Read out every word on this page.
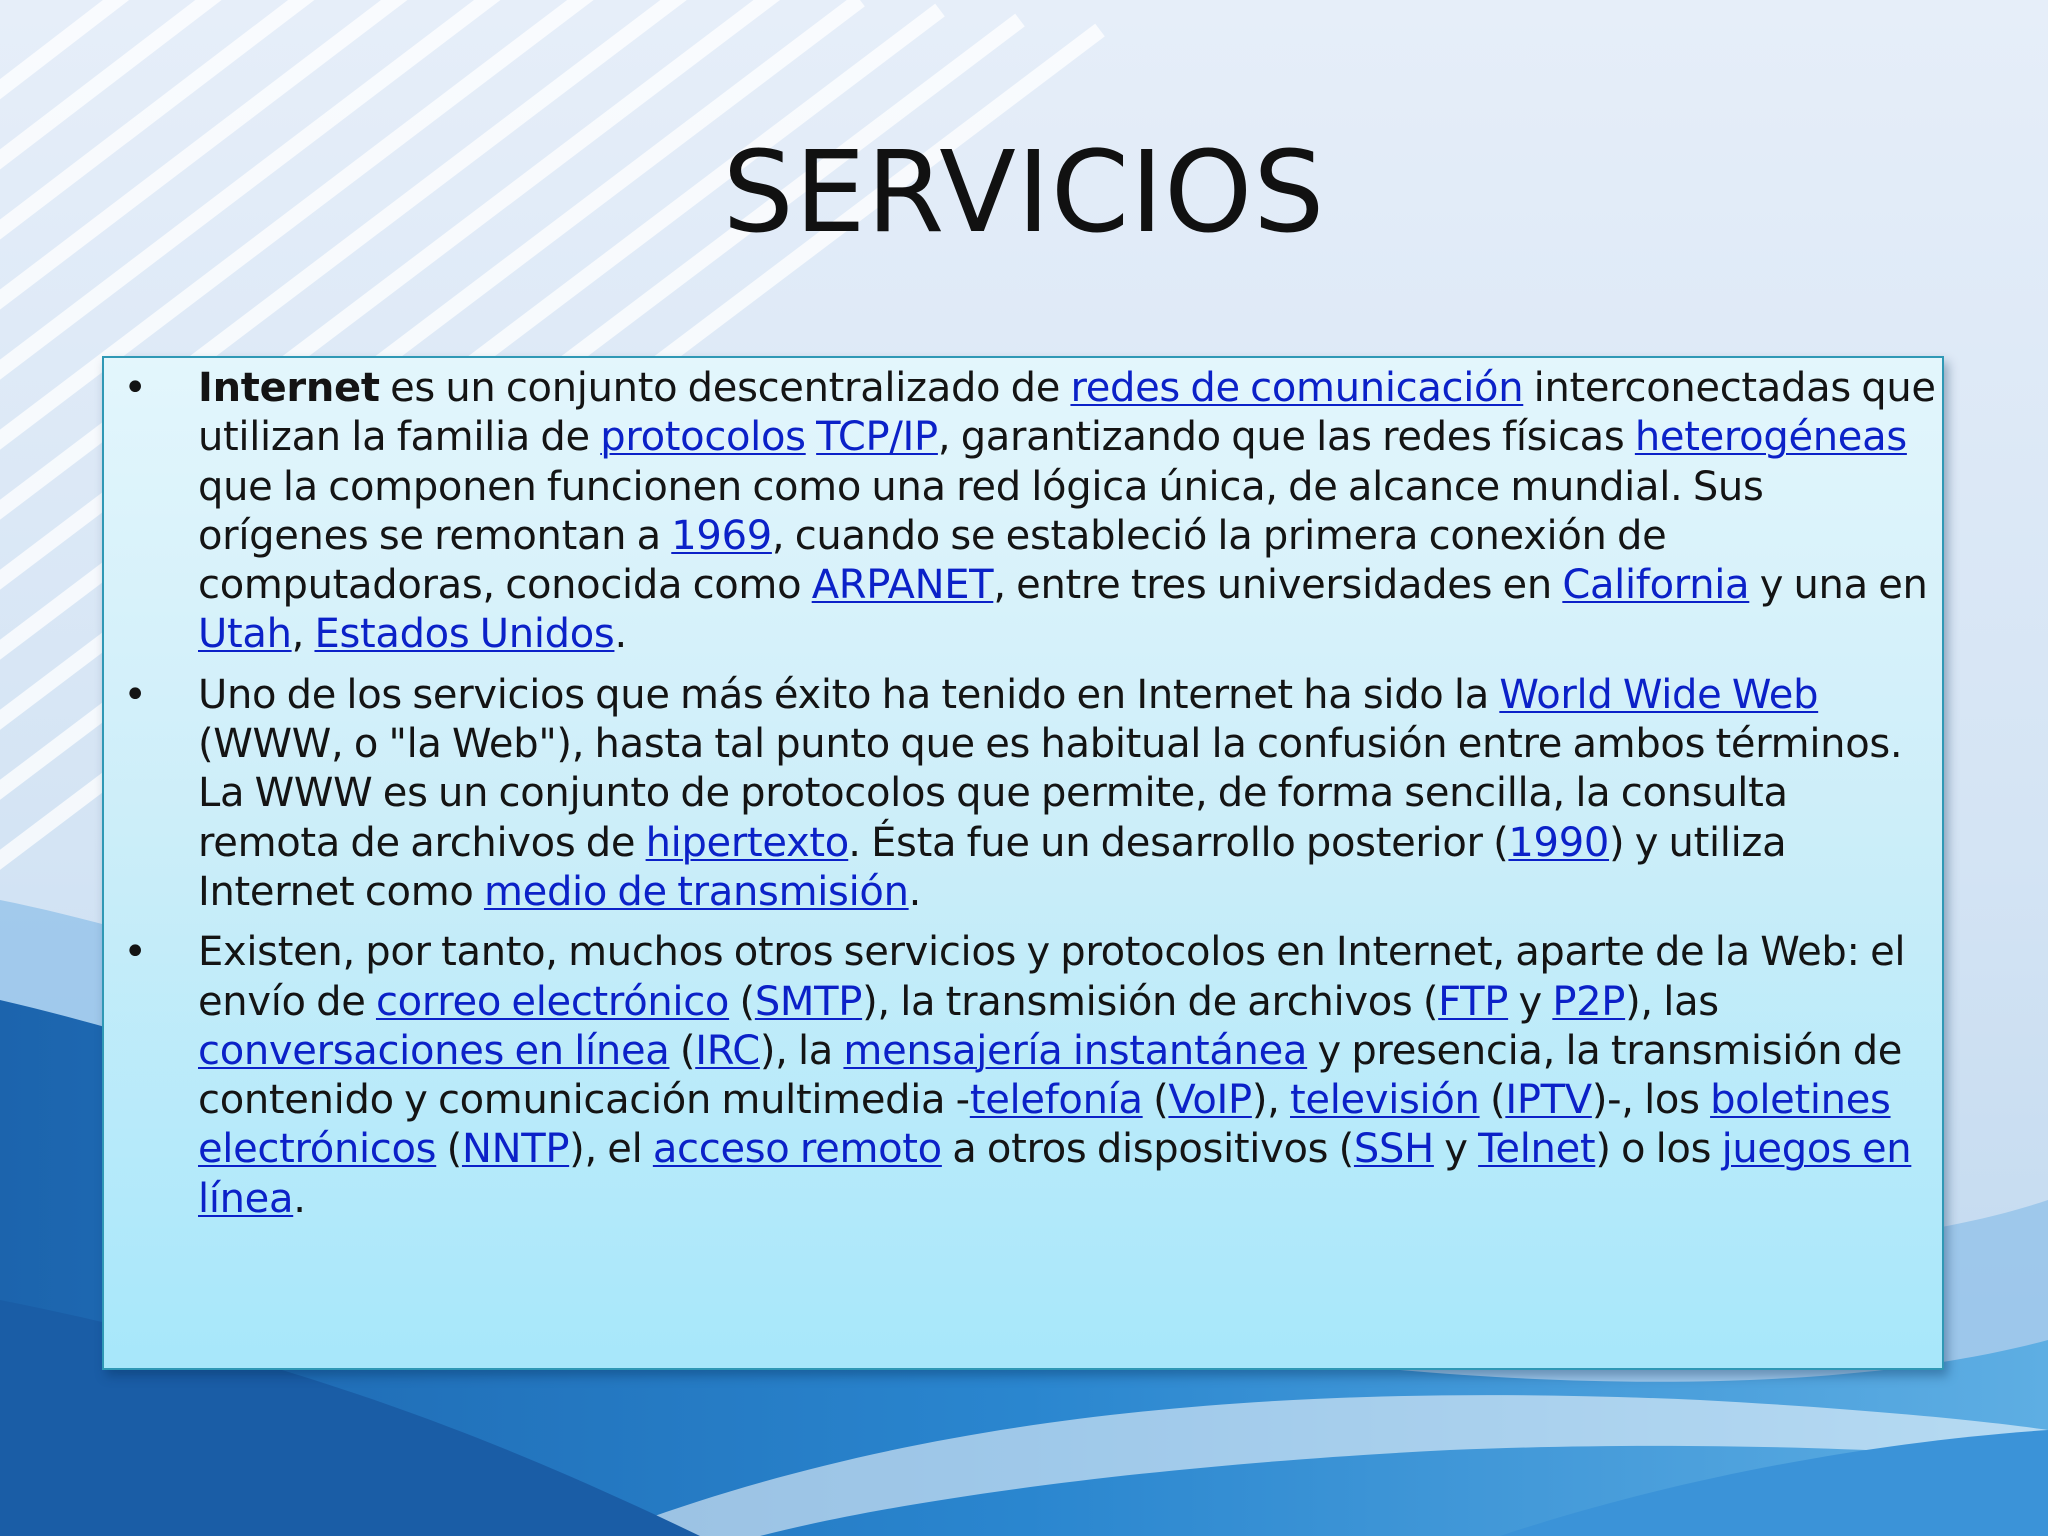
SERVICIOS
• Internet es un conjunto descentralizado de redes de comunicación interconectadas que utilizan la familia de protocolos TCP/IP, garantizando que las redes físicas heterogéneas que la componen funcionen como una red lógica única, de alcance mundial. Sus orígenes se remontan a 1969, cuando se estableció la primera conexión de computadoras, conocida como ARPANET, entre tres universidades en California y una en Utah, Estados Unidos.
• Uno de los servicios que más éxito ha tenido en Internet ha sido la World Wide Web (WWW, o "la Web"), hasta tal punto que es habitual la confusión entre ambos términos. La WWW es un conjunto de protocolos que permite, de forma sencilla, la consulta remota de archivos de hipertexto. Ésta fue un desarrollo posterior (1990) y utiliza Internet como medio de transmisión.
• Existen, por tanto, muchos otros servicios y protocolos en Internet, aparte de la Web: el envío de correo electrónico (SMTP), la transmisión de archivos (FTP y P2P), las conversaciones en línea (IRC), la mensajería instantánea y presencia, la transmisión de contenido y comunicación multimedia -telefonía (VoIP), televisión (IPTV)-, los boletines electrónicos (NNTP), el acceso remoto a otros dispositivos (SSH y Telnet) o los juegos en línea.
